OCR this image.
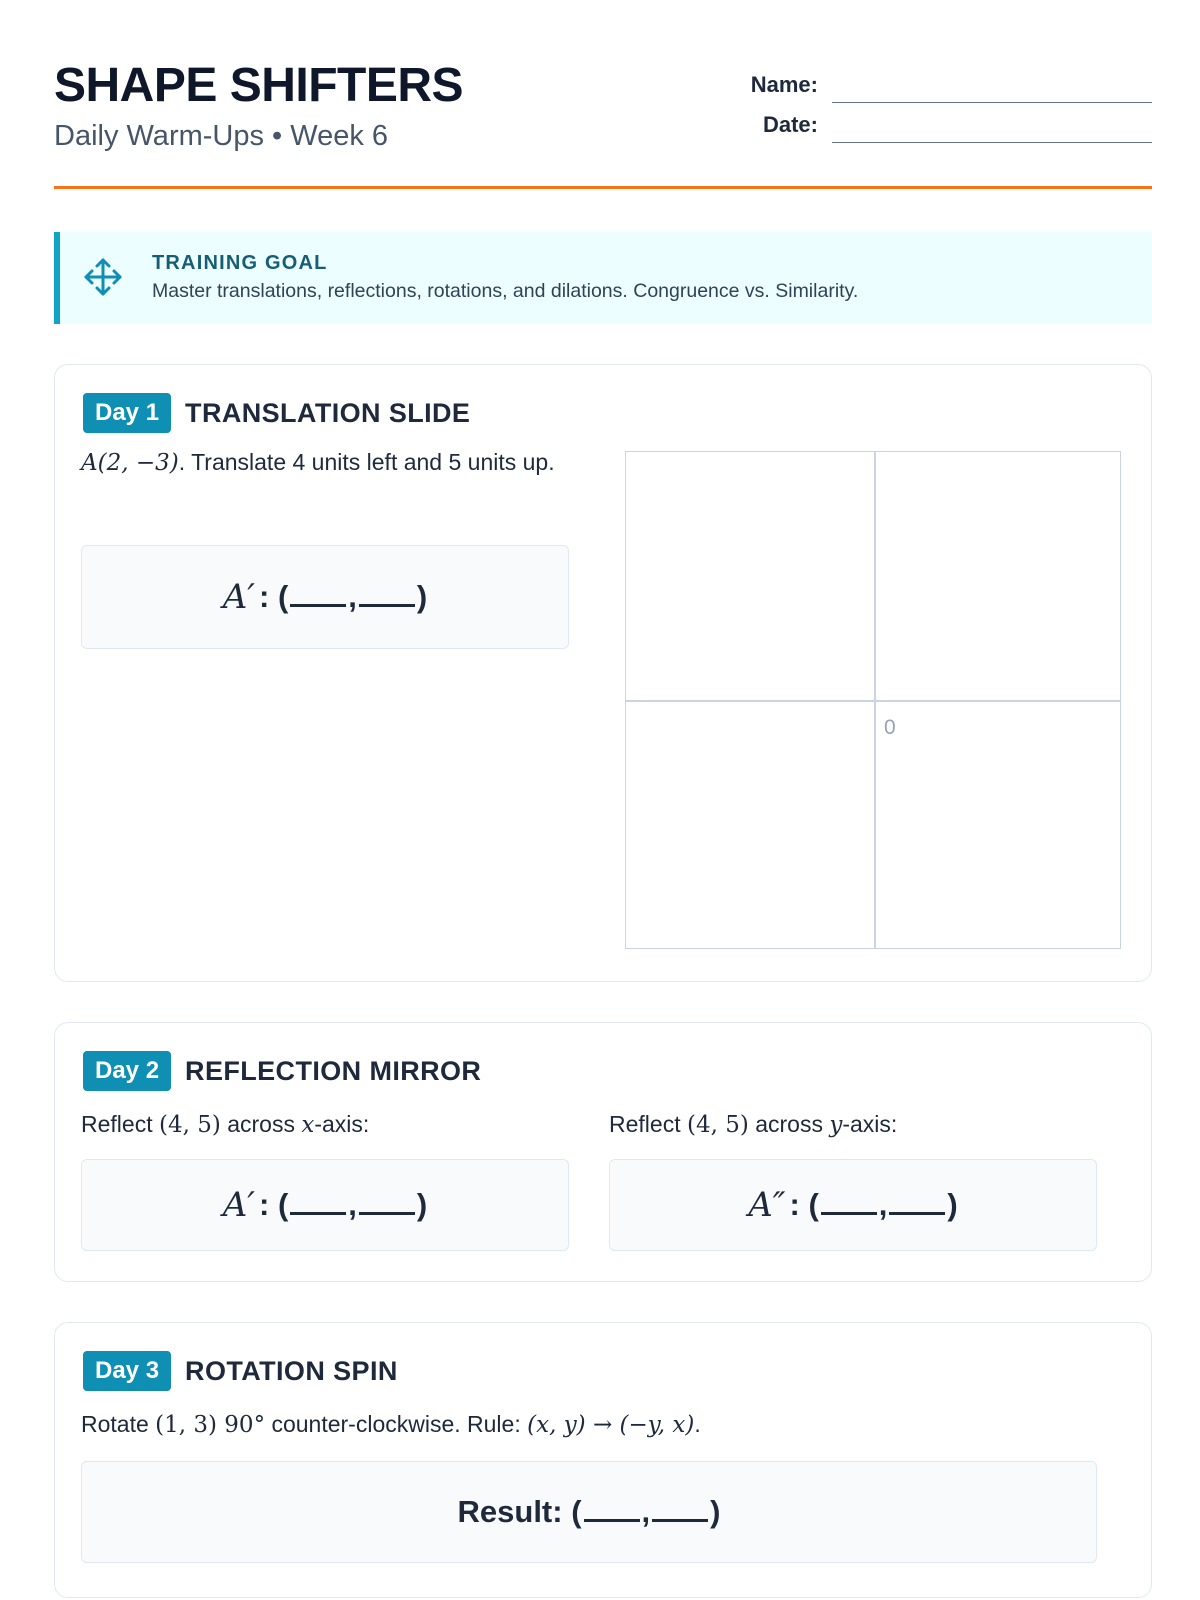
SHAPE SHIFTERS
Daily Warm-Ups • Week 6
Name:
Date:
TRAINING GOAL
Master translations, reflections, rotations, and dilations. Congruence vs. Similarity.
Day 1 TRANSLATION SLIDE
A(2, −3). Translate 4 units left and 5 units up.
A′ : ( , )
0
Day 2 REFLECTION MIRROR
Reflect (4, 5) across x-axis:	Reflect (4, 5) across y-axis:
A′ : ( , )	A″ : ( , )
Day 3 ROTATION SPIN
Rotate (1, 3) 90° counter-clockwise. Rule: (x, y) → (−y, x).
Result: ( , )
